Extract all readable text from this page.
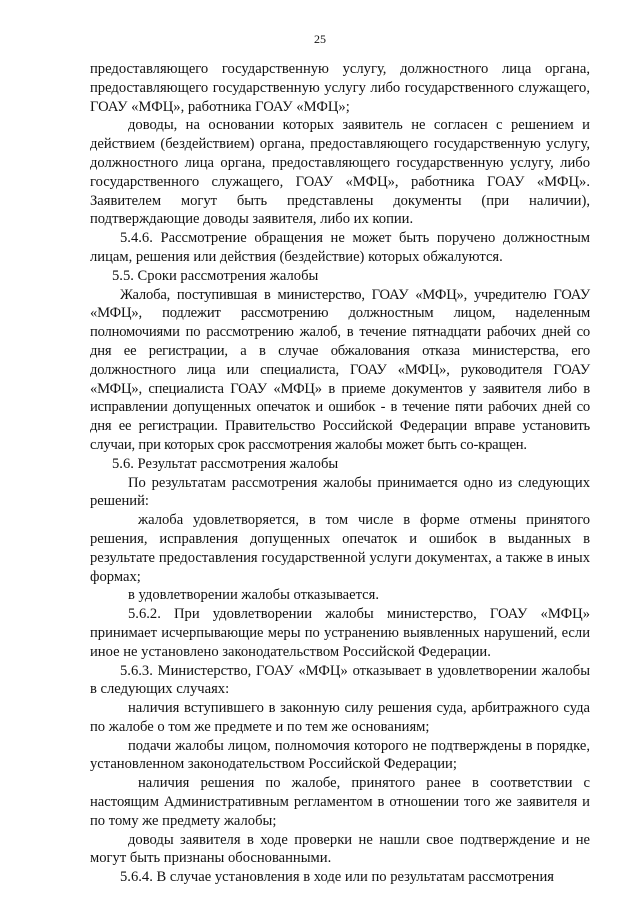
25

предоставляющего государственную услугу, должностного лица органа, предоставляющего государственную услугу либо государственного служащего, ГОАУ «МФЦ», работника ГОАУ «МФЦ»;

доводы, на основании которых заявитель не согласен с решением и действием (бездействием) органа, предоставляющего государственную услугу, должностного лица органа, предоставляющего государственную услугу, либо государственного служащего, ГОАУ «МФЦ», работника ГОАУ «МФЦ». Заявителем могут быть представлены документы (при наличии), подтверждающие доводы заявителя, либо их копии.

5.4.6. Рассмотрение обращения не может быть поручено должностным лицам, решения или действия (бездействие) которых обжалуются.

5.5. Сроки рассмотрения жалобы

Жалоба, поступившая в министерство, ГОАУ «МФЦ», учредителю ГОАУ «МФЦ», подлежит рассмотрению должностным лицом, наделенным полномочиями по рассмотрению жалоб, в течение пятнадцати рабочих дней со дня ее регистрации, а в случае обжалования отказа министерства, его должностного лица или специалиста, ГОАУ «МФЦ», руководителя ГОАУ «МФЦ», специалиста ГОАУ «МФЦ» в приеме документов у заявителя либо в исправлении допущенных опечаток и ошибок - в течение пяти рабочих дней со дня ее регистрации. Правительство Российской Федерации вправе установить случаи, при которых срок рассмотрения жалобы может быть со-кращен.

5.6. Результат рассмотрения жалобы

По результатам рассмотрения жалобы принимается одно из следующих решений:

жалоба удовлетворяется, в том числе в форме отмены принятого решения, исправления допущенных опечаток и ошибок в выданных в результате предоставления государственной услуги документах, а также в иных формах;

в удовлетворении жалобы отказывается.

5.6.2. При удовлетворении жалобы министерство, ГОАУ «МФЦ» принимает исчерпывающие меры по устранению выявленных нарушений, если иное не установлено законодательством Российской Федерации.

5.6.3. Министерство, ГОАУ «МФЦ» отказывает в удовлетворении жалобы в следующих случаях:

наличия вступившего в законную силу решения суда, арбитражного суда по жалобе о том же предмете и по тем же основаниям;

подачи жалобы лицом, полномочия которого не подтверждены в порядке, установленном законодательством Российской Федерации;

наличия решения по жалобе, принятого ранее в соответствии с настоящим Административным регламентом в отношении того же заявителя и по тому же предмету жалобы;

доводы заявителя в ходе проверки не нашли свое подтверждение и не могут быть признаны обоснованными.

5.6.4. В случае установления в ходе или по результатам рассмотрения
